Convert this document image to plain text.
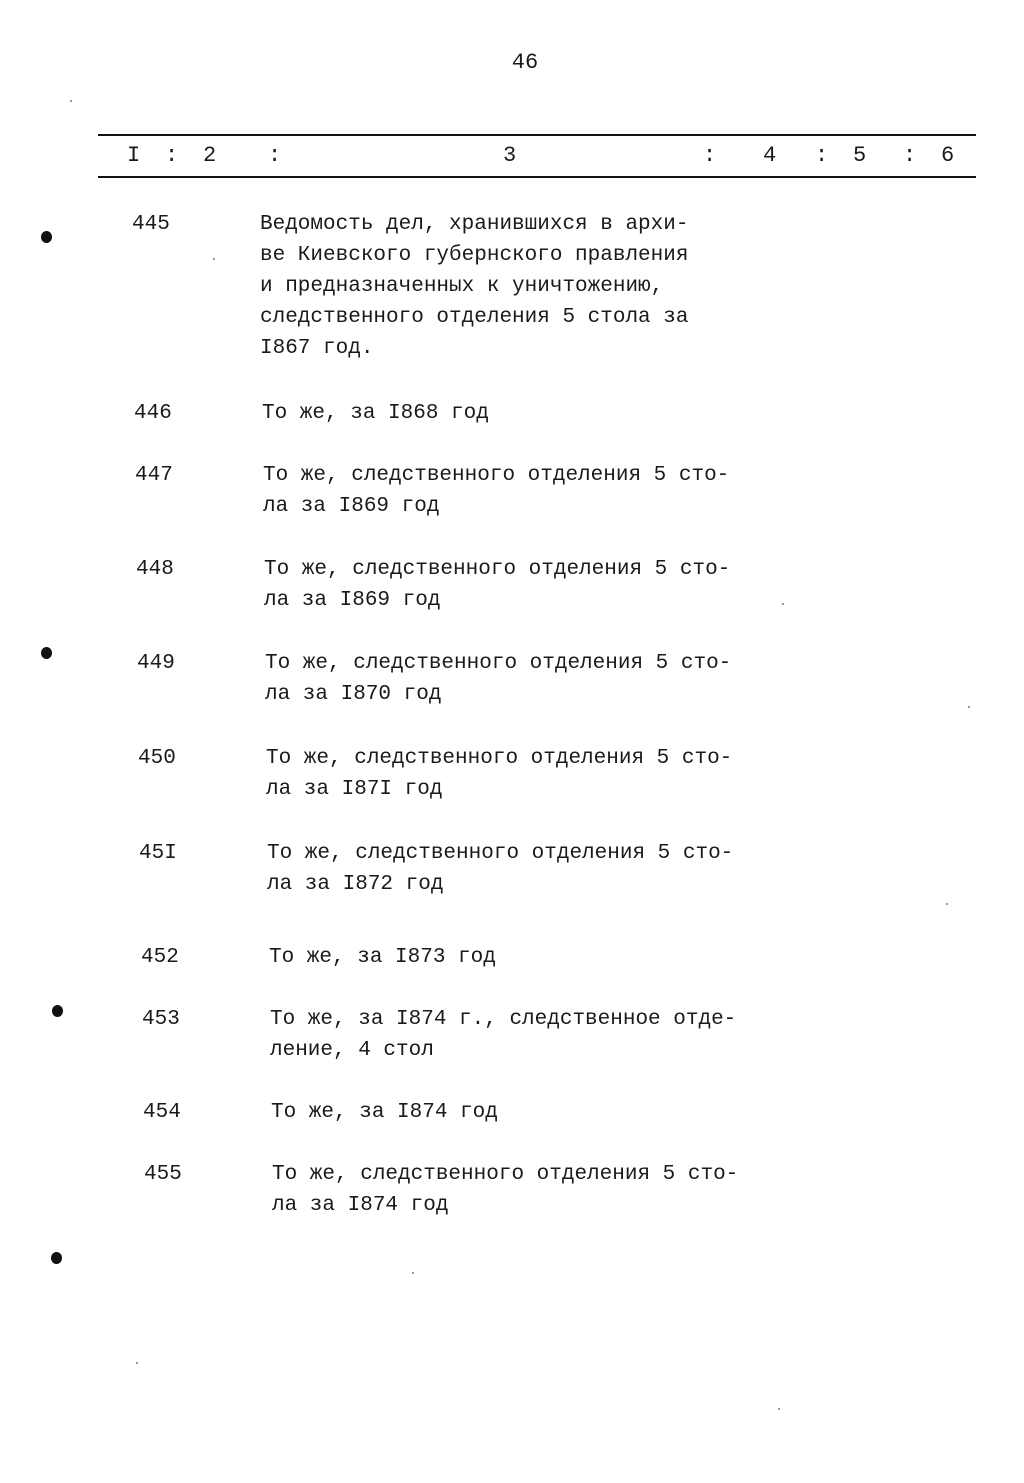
46
I : 2 :	3	: 4 : 5 : 6
445	Ведомость дел, хранившихся в архи-
ве Киевского губернского правления
и предназначенных к уничтожению,
следственного отделения 5 стола за
I867 год.
446	То же, за I868 год
447	То же, следственного отделения 5 сто-
ла за I869 год
448	То же, следственного отделения 5 сто-
ла за I869 год
449	То же, следственного отделения 5 сто-
ла за I870 год
450	То же, следственного отделения 5 сто-
ла за I87I год
45I	То же, следственного отделения 5 сто-
ла за I872 год
452	То же, за I873 год
453	То же, за I874 г., следственное отде-
ление, 4 стол
454	То же, за I874 год
455	То же, следственного отделения 5 сто-
ла за I874 год
